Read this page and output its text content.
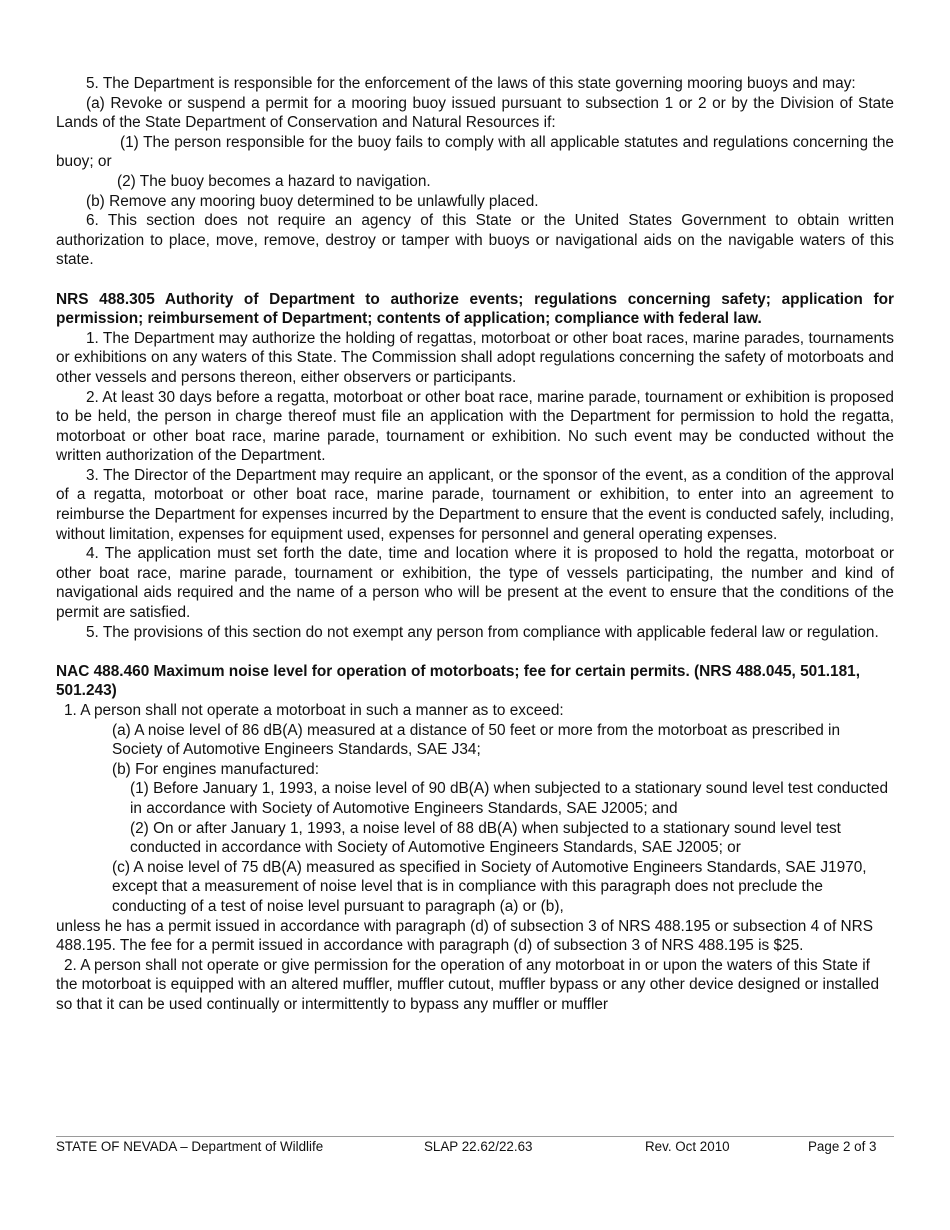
5. The Department is responsible for the enforcement of the laws of this state governing mooring buoys and may:

(a) Revoke or suspend a permit for a mooring buoy issued pursuant to subsection 1 or 2 or by the Division of State Lands of the State Department of Conservation and Natural Resources if:

(1) The person responsible for the buoy fails to comply with all applicable statutes and regulations concerning the buoy; or

(2) The buoy becomes a hazard to navigation.

(b) Remove any mooring buoy determined to be unlawfully placed.

6. This section does not require an agency of this State or the United States Government to obtain written authorization to place, move, remove, destroy or tamper with buoys or navigational aids on the navigable waters of this state.

NRS 488.305 Authority of Department to authorize events; regulations concerning safety; application for permission; reimbursement of Department; contents of application; compliance with federal law.

1. The Department may authorize the holding of regattas, motorboat or other boat races, marine parades, tournaments or exhibitions on any waters of this State. The Commission shall adopt regulations concerning the safety of motorboats and other vessels and persons thereon, either observers or participants.

2. At least 30 days before a regatta, motorboat or other boat race, marine parade, tournament or exhibition is proposed to be held, the person in charge thereof must file an application with the Department for permission to hold the regatta, motorboat or other boat race, marine parade, tournament or exhibition. No such event may be conducted without the written authorization of the Department.

3. The Director of the Department may require an applicant, or the sponsor of the event, as a condition of the approval of a regatta, motorboat or other boat race, marine parade, tournament or exhibition, to enter into an agreement to reimburse the Department for expenses incurred by the Department to ensure that the event is conducted safely, including, without limitation, expenses for equipment used, expenses for personnel and general operating expenses.

4. The application must set forth the date, time and location where it is proposed to hold the regatta, motorboat or other boat race, marine parade, tournament or exhibition, the type of vessels participating, the number and kind of navigational aids required and the name of a person who will be present at the event to ensure that the conditions of the permit are satisfied.

5. The provisions of this section do not exempt any person from compliance with applicable federal law or regulation.

NAC 488.460 Maximum noise level for operation of motorboats; fee for certain permits. (NRS 488.045, 501.181, 501.243)

1. A person shall not operate a motorboat in such a manner as to exceed:

(a) A noise level of 86 dB(A) measured at a distance of 50 feet or more from the motorboat as prescribed in Society of Automotive Engineers Standards, SAE J34;

(b) For engines manufactured:

(1) Before January 1, 1993, a noise level of 90 dB(A) when subjected to a stationary sound level test conducted in accordance with Society of Automotive Engineers Standards, SAE J2005; and

(2) On or after January 1, 1993, a noise level of 88 dB(A) when subjected to a stationary sound level test conducted in accordance with Society of Automotive Engineers Standards, SAE J2005; or

(c) A noise level of 75 dB(A) measured as specified in Society of Automotive Engineers Standards, SAE J1970, except that a measurement of noise level that is in compliance with this paragraph does not preclude the conducting of a test of noise level pursuant to paragraph (a) or (b),

unless he has a permit issued in accordance with paragraph (d) of subsection 3 of NRS 488.195 or subsection 4 of NRS 488.195. The fee for a permit issued in accordance with paragraph (d) of subsection 3 of NRS 488.195 is $25.

2. A person shall not operate or give permission for the operation of any motorboat in or upon the waters of this State if the motorboat is equipped with an altered muffler, muffler cutout, muffler bypass or any other device designed or installed so that it can be used continually or intermittently to bypass any muffler or muffler

STATE OF NEVADA – Department of Wildlife	SLAP 22.62/22.63	Rev. Oct 2010	Page 2 of 3
